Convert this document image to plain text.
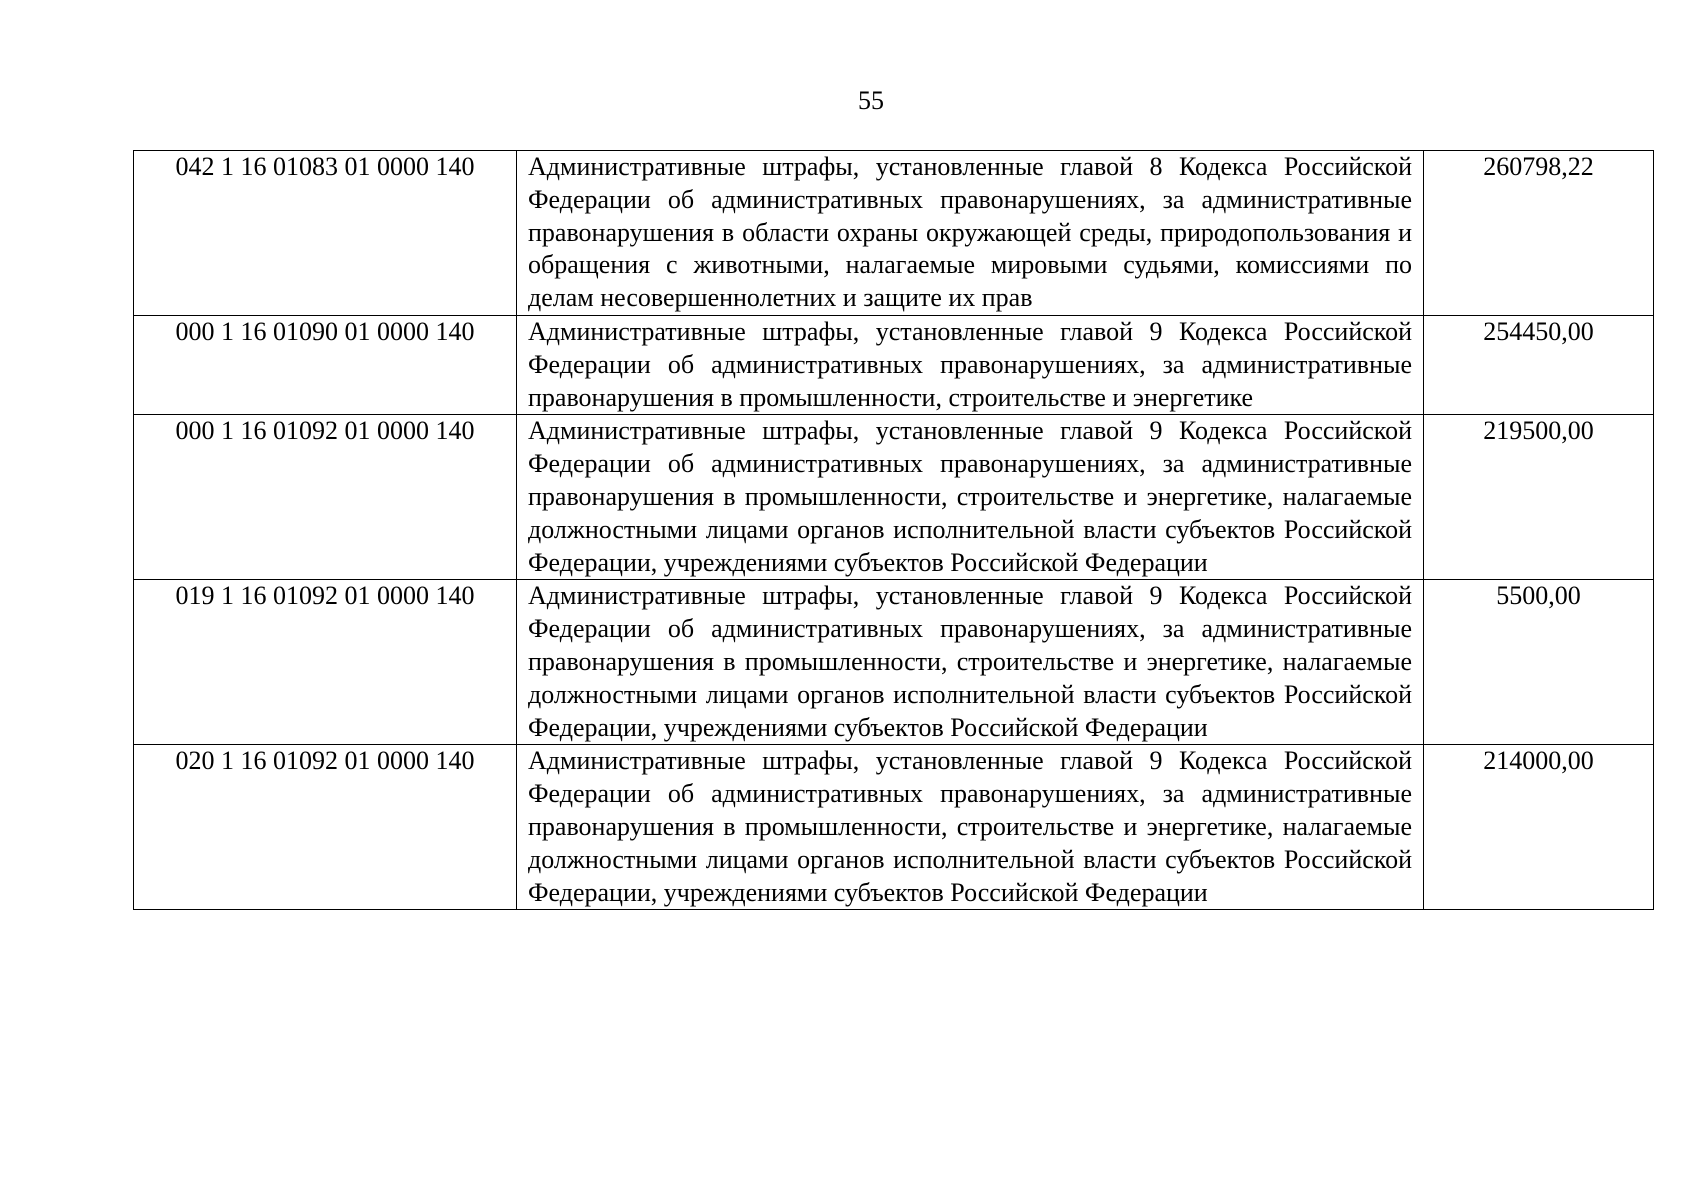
55
042 1 16 01083 01 0000 140	Административные штрафы, установленные главой 8 Кодекса Российской Федерации об административных правонарушениях, за административные правонарушения в области охраны окружающей среды, природопользования и обращения с животными, налагаемые мировыми судьями, комиссиями по делам несовершеннолетних и защите их прав	260798,22
000 1 16 01090 01 0000 140	Административные штрафы, установленные главой 9 Кодекса Российской Федерации об административных правонарушениях, за административные правонарушения в промышленности, строительстве и энергетике	254450,00
000 1 16 01092 01 0000 140	Административные штрафы, установленные главой 9 Кодекса Российской Федерации об административных правонарушениях, за административные правонарушения в промышленности, строительстве и энергетике, налагаемые должностными лицами органов исполнительной власти субъектов Российской Федерации, учреждениями субъектов Российской Федерации	219500,00
019 1 16 01092 01 0000 140	Административные штрафы, установленные главой 9 Кодекса Российской Федерации об административных правонарушениях, за административные правонарушения в промышленности, строительстве и энергетике, налагаемые должностными лицами органов исполнительной власти субъектов Российской Федерации, учреждениями субъектов Российской Федерации	5500,00
020 1 16 01092 01 0000 140	Административные штрафы, установленные главой 9 Кодекса Российской Федерации об административных правонарушениях, за административные правонарушения в промышленности, строительстве и энергетике, налагаемые должностными лицами органов исполнительной власти субъектов Российской Федерации, учреждениями субъектов Российской Федерации	214000,00
